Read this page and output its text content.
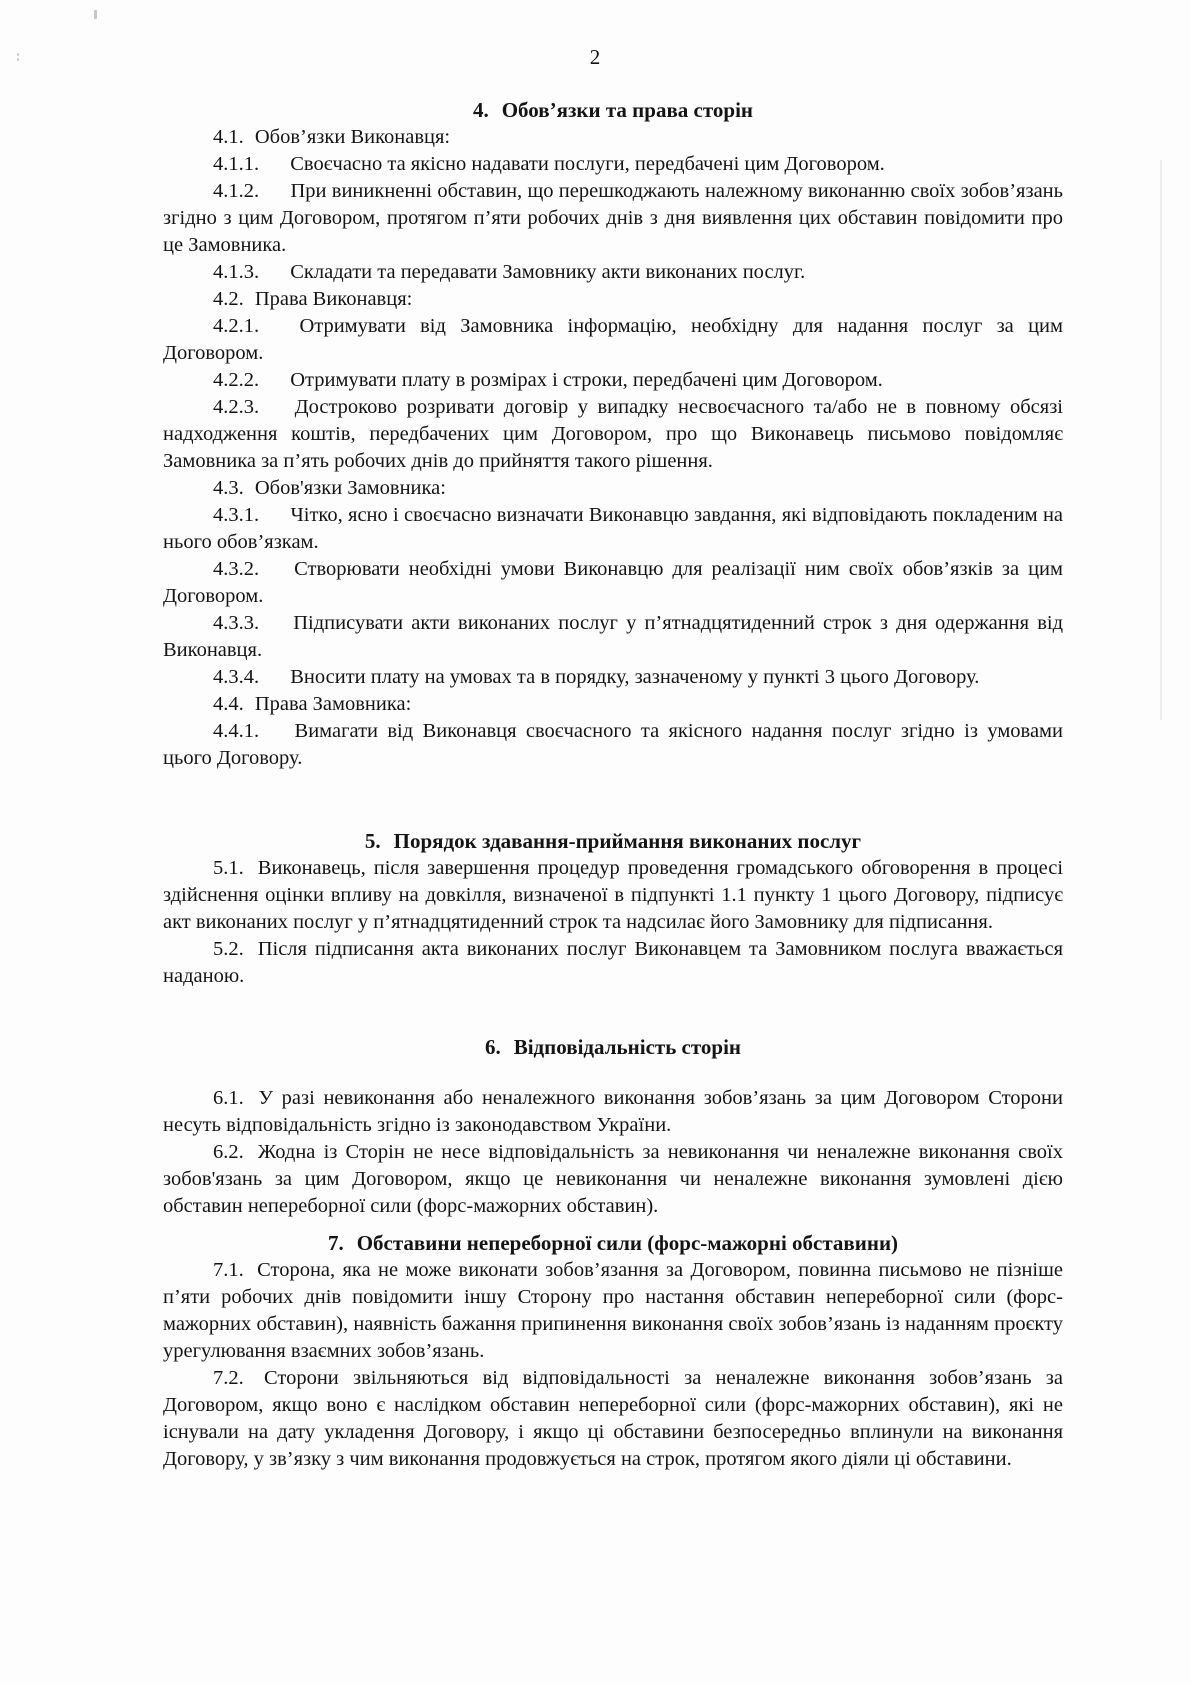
2
4. Обов’язки та права сторін

4.1. Обов’язки Виконавця:

4.1.1. Своєчасно та якісно надавати послуги, передбачені цим Договором.

4.1.2. При виникненні обставин, що перешкоджають належному виконанню своїх зобов’язань згідно з цим Договором, протягом п’яти робочих днів з дня виявлення цих обставин повідомити про це Замовника.

4.1.3. Складати та передавати Замовнику акти виконаних послуг.

4.2. Права Виконавця:

4.2.1. Отримувати від Замовника інформацію, необхідну для надання послуг за цим Договором.

4.2.2. Отримувати плату в розмірах і строки, передбачені цим Договором.

4.2.3. Достроково розривати договір у випадку несвоєчасного та/або не в повному обсязі надходження коштів, передбачених цим Договором, про що Виконавець письмово повідомляє Замовника за п’ять робочих днів до прийняття такого рішення.

4.3. Обов'язки Замовника:

4.3.1. Чітко, ясно і своєчасно визначати Виконавцю завдання, які відповідають покладеним на нього обов’язкам.

4.3.2. Створювати необхідні умови Виконавцю для реалізації ним своїх обов’язків за цим Договором.

4.3.3. Підписувати акти виконаних послуг у п’ятнадцятиденний строк з дня одержання від Виконавця.

4.3.4. Вносити плату на умовах та в порядку, зазначеному у пункті 3 цього Договору.

4.4. Права Замовника:

4.4.1. Вимагати від Виконавця своєчасного та якісного надання послуг згідно із умовами цього Договору.

5. Порядок здавання-приймання виконаних послуг

5.1. Виконавець, після завершення процедур проведення громадського обговорення в процесі здійснення оцінки впливу на довкілля, визначеної в підпункті 1.1 пункту 1 цього Договору, підписує акт виконаних послуг у п’ятнадцятиденний строк та надсилає його Замовнику для підписання.

5.2. Після підписання акта виконаних послуг Виконавцем та Замовником послуга вважається наданою.

6. Відповідальність сторін

6.1. У разі невиконання або неналежного виконання зобов’язань за цим Договором Сторони несуть відповідальність згідно із законодавством України.

6.2. Жодна із Сторін не несе відповідальність за невиконання чи неналежне виконання своїх зобов'язань за цим Договором, якщо це невиконання чи неналежне виконання зумовлені дією обставин непереборної сили (форс-мажорних обставин).

7. Обставини непереборної сили (форс-мажорні обставини)

7.1. Сторона, яка не може виконати зобов’язання за Договором, повинна письмово не пізніше п’яти робочих днів повідомити іншу Сторону про настання обставин непереборної сили (форс-мажорних обставин), наявність бажання припинення виконання своїх зобов’язань із наданням проєкту урегулювання взаємних зобов’язань.

7.2. Сторони звільняються від відповідальності за неналежне виконання зобов’язань за Договором, якщо воно є наслідком обставин непереборної сили (форс-мажорних обставин), які не існували на дату укладення Договору, і якщо ці обставини безпосередньо вплинули на виконання Договору, у зв’язку з чим виконання продовжується на строк, протягом якого діяли ці обставини.
